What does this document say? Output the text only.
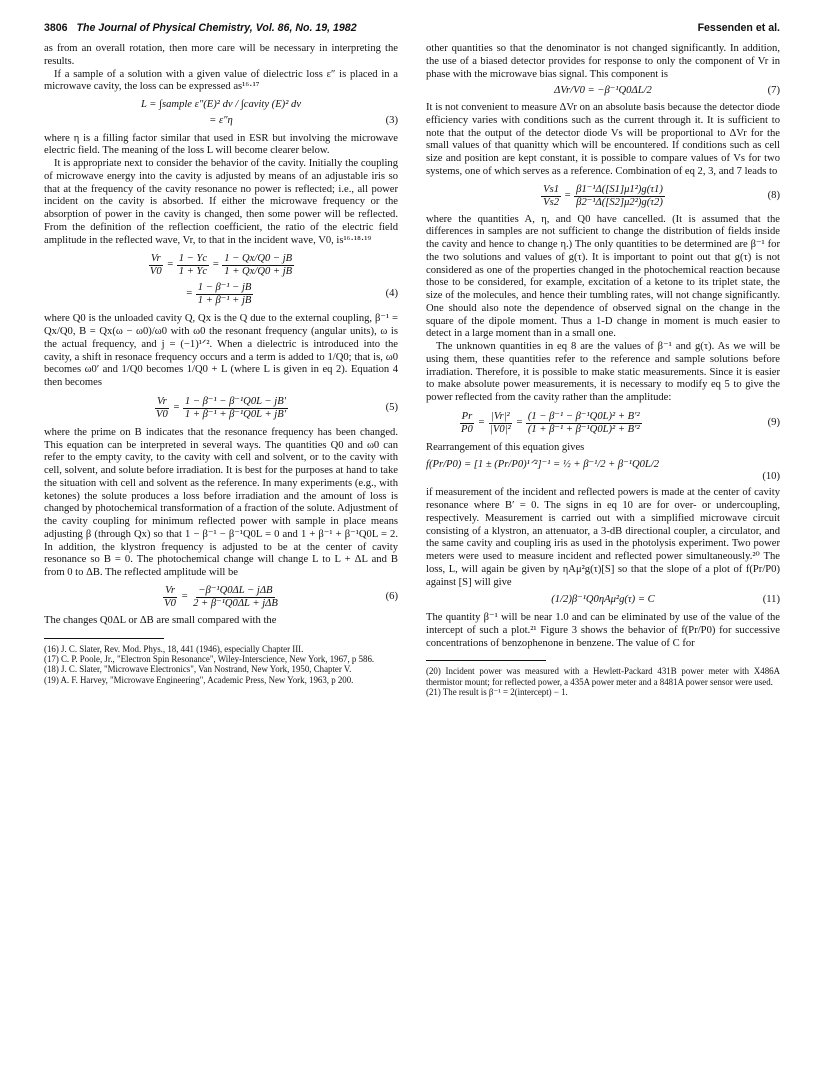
3806 The Journal of Physical Chemistry, Vol. 86, No. 19, 1982	Fessenden et al.

as from an overall rotation, then more care will be necessary in interpreting the results.

If a sample of a solution with a given value of dielectric loss ε″ is placed in a microwave cavity, the loss can be expressed as¹⁶·¹⁷

L = ∫sample ε″(E)² dv / ∫cavity (E)² dv
= ε″η	(3)

where η is a filling factor similar that used in ESR but involving the microwave electric field. The meaning of the loss L will become clearer below.

It is appropriate next to consider the behavior of the cavity. Initially the coupling of microwave energy into the cavity is adjusted by means of an adjustable iris so that at the frequency of the cavity resonance no power is reflected; i.e., all power incident on the cavity is absorbed. If either the microwave frequency or the absorption of power in the cavity is changed, then some power will be reflected. From the definition of the reflection coefficient, the ratio of the electric field amplitude in the reflected wave, Vr, to that in the incident wave, V0, is¹⁶·¹⁸·¹⁹

$\frac{Vr}{V0} = \frac{1 - Yc}{1 + Yc} = \frac{1 - Qx/Q0 - jB}{1 + Qx/Q0 + jB}$
= $\frac{\text{1 − β⁻¹ − jB}}{\text{1 + β⁻¹ + jB}}$	(4)

where Q0 is the unloaded cavity Q, Qx is the Q due to the external coupling, β⁻¹ = Qx/Q0, B = Qx(ω − ω0)/ω0 with ω0 the resonant frequency (angular units), ω is the actual frequency, and j = (−1)¹ᐟ². When a dielectric is introduced into the cavity, a shift in resonace frequency occurs and a term is added to 1/Q0; that is, ω0 becomes ω0′ and 1/Q0 becomes 1/Q0 + L (where L is given in eq 2). Equation 4 then becomes

$\frac{Vr}{V0} = \frac{\text{1 − β⁻¹ − β⁻¹Q0L − jB′}}{\text{1 + β⁻¹ + β⁻¹Q0L + jB′}}$	(5)

where the prime on B indicates that the resonance frequency has been changed. This equation can be interpreted in several ways. The quantities Q0 and ω0 can refer to the empty cavity, to the cavity with cell and solvent, or to the cavity with cell, solvent, and solute before irradiation. It is best for the purposes at hand to take the situation with cell and solvent as the reference. In many experiments (e.g., with ketones) the solute produces a loss before irradiation and the amount of loss is changed by photochemical transformation of a fraction of the solute. Adjustment of the cavity coupling for minimum reflected power with sample in place means adjusting β (through Qx) so that 1 − β⁻¹ − β⁻¹Q0L = 0 and 1 + β⁻¹ + β⁻¹Q0L = 2. In addition, the klystron frequency is adjusted to be at the center of cavity resonance so B = 0. The photochemical change will change L to L + ΔL and B from 0 to ΔB. The reflected amplitude will be

$\frac{Vr}{V0} = \frac{\text{−β⁻¹Q0ΔL − jΔB}}{\text{2 + β⁻¹Q0ΔL + jΔB}}$	(6)

The changes Q0ΔL or ΔB are small compared with the

(16) J. C. Slater, Rev. Mod. Phys., 18, 441 (1946), especially Chapter III.
(17) C. P. Poole, Jr., "Electron Spin Resonance", Wiley-Interscience, New York, 1967, p 586.
(18) J. C. Slater, "Microwave Electronics", Van Nostrand, New York, 1950, Chapter V.
(19) A. F. Harvey, "Microwave Engineering", Academic Press, New York, 1963, p 200.

other quantities so that the denominator is not changed significantly. In addition, the use of a biased detector provides for response to only the component of Vr in phase with the microwave bias signal. This component is

ΔVr/V0 = −β⁻¹Q0ΔL/2	(7)

It is not convenient to measure ΔVr on an absolute basis because the detector diode efficiency varies with conditions such as the current through it. It is sufficient to note that the output of the detector diode Vs will be proportional to ΔVr for the small values of that quanitty which will be encountered. If conditions such as cell size and position are kept constant, it is possible to compare values of Vs for two systems, one of which serves as a reference. Combination of eq 2, 3, and 7 leads to

$\frac{Vs1}{Vs2} = \frac{\text{β1⁻¹Δ([S1]μ1²)g(τ1)}}{\text{β2⁻¹Δ([S2]μ2²)g(τ2)}}$	(8)

where the quantities A, η, and Q0 have cancelled. (It is assumed that the differences in samples are not sufficient to change the distribution of fields inside the cavity and hence to change η.) The only quantities to be determined are β⁻¹ for the two solutions and values of g(τ). It is important to point out that g(τ) is not considered as one of the properties changed in the photochemical reaction because those to be considered, for example, excitation of a ketone to its triplet state, the size of the molecules, and hence their tumbling rates, will not change significantly. One should also note the dependence of observed signal on the change in the square of the dipole moment. Thus a 1-D change in moment is much easier to detect in a large moment than in a small one.

The unknown quantities in eq 8 are the values of β⁻¹ and g(τ). As we will be using them, these quantities refer to the reference and sample solutions before irradiation. Therefore, it is possible to make static measurements. Since it is easier to make absolute power measurements, it is necessary to modify eq 5 to give the power reflected from the cavity rather than the amplitude:

$\frac{Pr}{P0} = \frac{\text{|Vr|²}}{\text{|V0|²}} = \frac{\text{(1 − β⁻¹ − β⁻¹Q0L)² + B′²}}{\text{(1 + β⁻¹ + β⁻¹Q0L)² + B′²}}$	(9)

Rearrangement of this equation gives

f(Pr/P0) = [1 ± (Pr/P0)¹ᐟ²]⁻¹ = ½ + β⁻¹/2 + β⁻¹Q0L/2
(10)

if measurement of the incident and reflected powers is made at the center of cavity resonance where B′ = 0. The signs in eq 10 are for over- or undercoupling, respectively. Measurement is carried out with a simplified microwave circuit consisting of a klystron, an attenuator, a 3-dB directional coupler, a circulator, and the same cavity and coupling iris as used in the photolysis experiment. Two power meters were used to measure incident and reflected power simultaneously.²⁰ The loss, L, will again be given by ηAμ²g(τ)[S] so that the slope of a plot of f(Pr/P0) against [S] will give

(1/2)β⁻¹Q0ηAμ²g(τ) = C	(11)

The quantity β⁻¹ will be near 1.0 and can be eliminated by use of the value of the intercept of such a plot.²¹ Figure 3 shows the behavior of f(Pr/P0) for successive concentrations of benzophenone in benzene. The value of C for

(20) Incident power was measured with a Hewlett-Packard 431B power meter with X486A thermistor mount; for reflected power, a 435A power meter and a 8481A power sensor were used.
(21) The result is β⁻¹ = 2(intercept) − 1.
